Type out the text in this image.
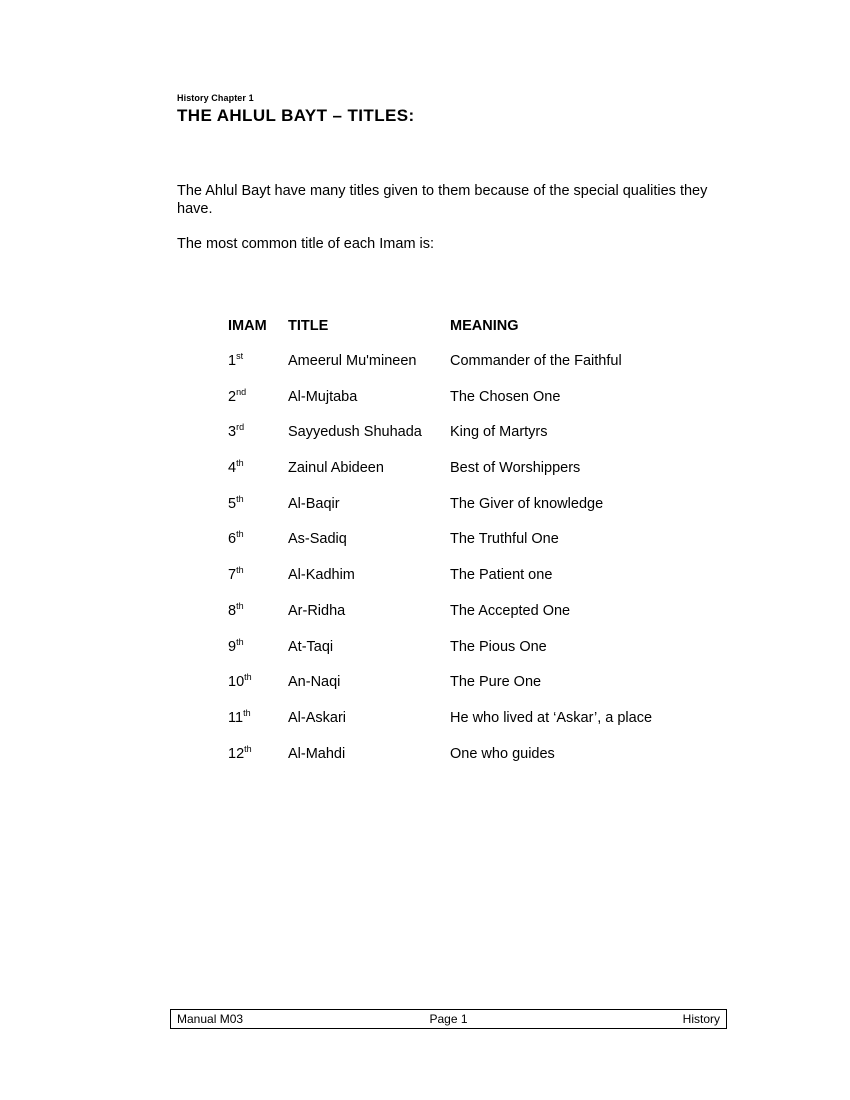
History Chapter 1
THE AHLUL BAYT – TITLES:

The Ahlul Bayt have many titles given to them because of the special qualities they have.

The most common title of each Imam is:

IMAM	TITLE	MEANING
1st	Ameerul Mu'mineen	Commander of the Faithful
2nd	Al-Mujtaba	The Chosen One
3rd	Sayyedush Shuhada	King of Martyrs
4th	Zainul Abideen	Best of Worshippers
5th	Al-Baqir	The Giver of knowledge
6th	As-Sadiq	The Truthful One
7th	Al-Kadhim	The Patient one
8th	Ar-Ridha	The Accepted One
9th	At-Taqi	The Pious One
10th	An-Naqi	The Pure One
11th	Al-Askari	He who lived at ‘Askar’, a place
12th	Al-Mahdi	One who guides
Manual M03	Page 1	History
